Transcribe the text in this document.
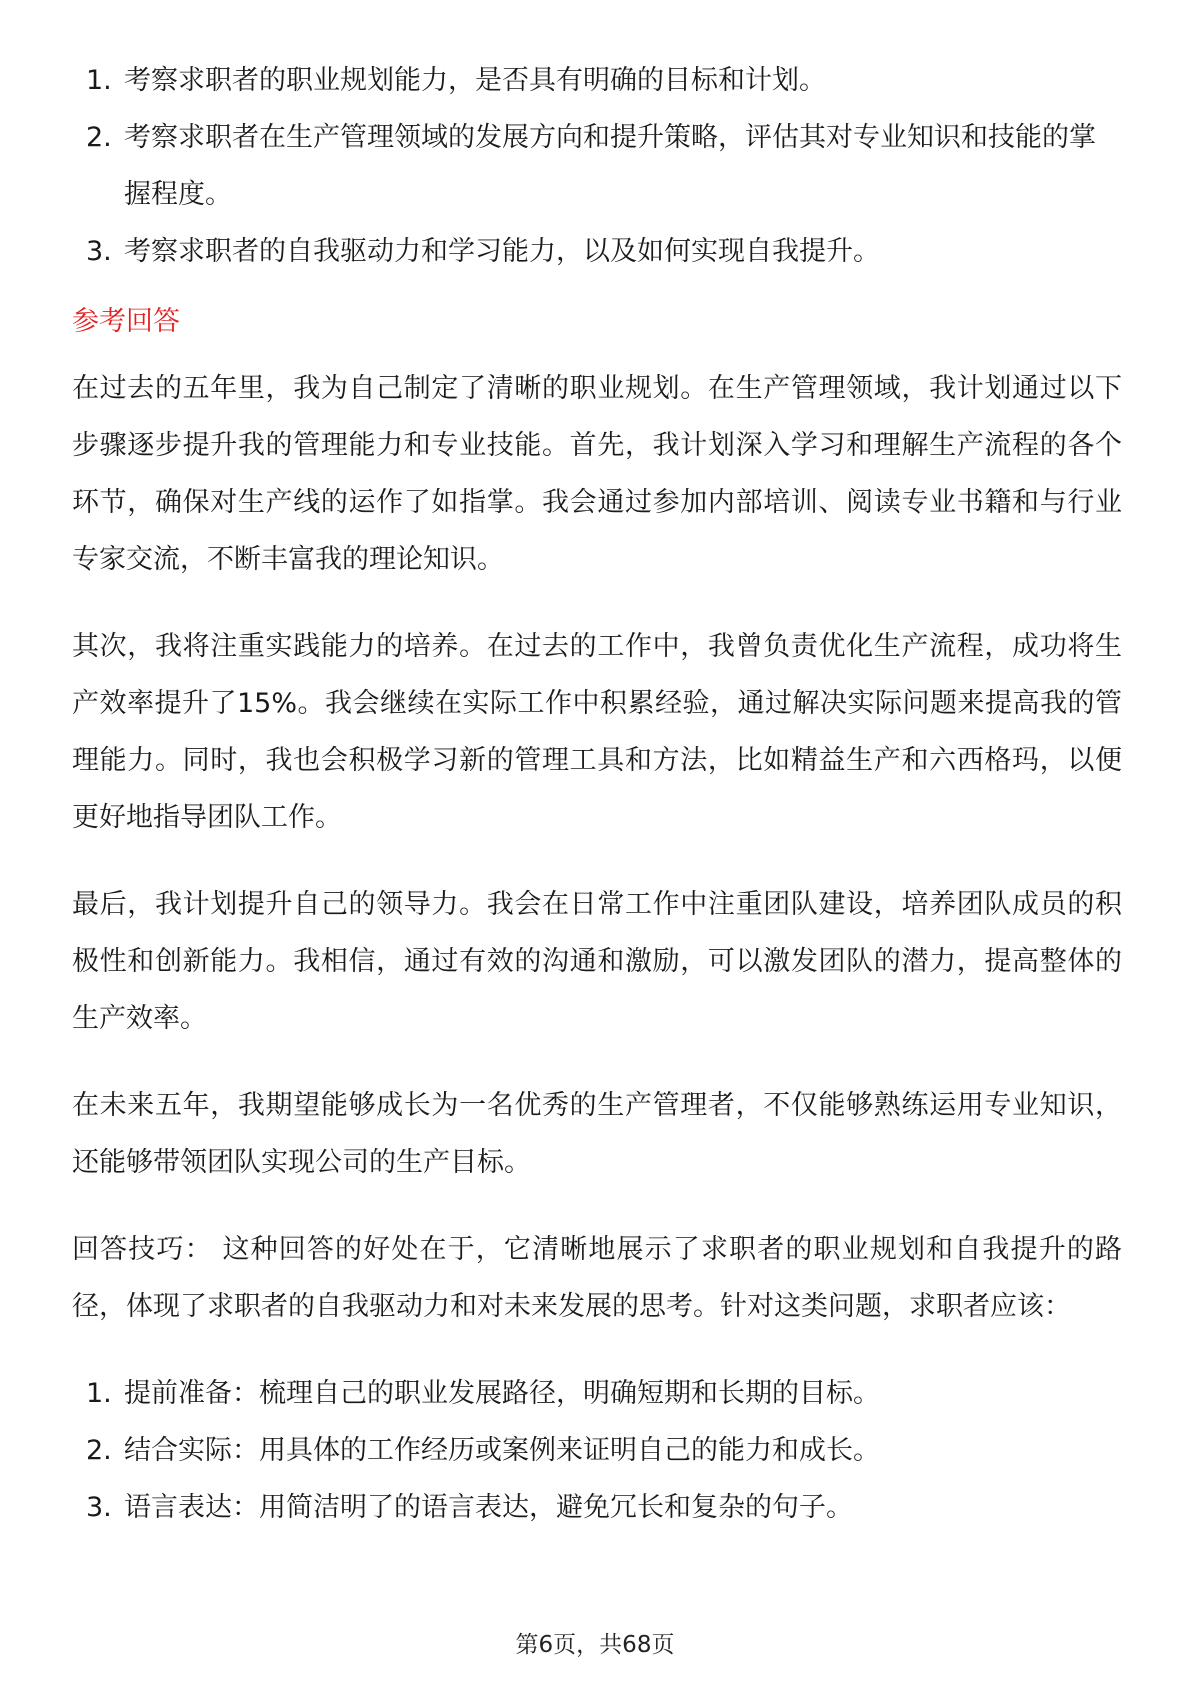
1. 考察求职者的职业规划能力，是否具有明确的目标和计划。
2. 考察求职者在生产管理领域的发展方向和提升策略，评估其对专业知识和技能的掌握程度。
3. 考察求职者的自我驱动力和学习能力，以及如何实现自我提升。
参考回答

在过去的五年里，我为自己制定了清晰的职业规划。在生产管理领域，我计划通过以下步骤逐步提升我的管理能力和专业技能。首先，我计划深入学习和理解生产流程的各个环节，确保对生产线的运作了如指掌。我会通过参加内部培训、阅读专业书籍和与行业专家交流，不断丰富我的理论知识。

其次，我将注重实践能力的培养。在过去的工作中，我曾负责优化生产流程，成功将生产效率提升了15%。我会继续在实际工作中积累经验，通过解决实际问题来提高我的管理能力。同时，我也会积极学习新的管理工具和方法，比如精益生产和六西格玛，以便更好地指导团队工作。

最后，我计划提升自己的领导力。我会在日常工作中注重团队建设，培养团队成员的积极性和创新能力。我相信，通过有效的沟通和激励，可以激发团队的潜力，提高整体的生产效率。

在未来五年，我期望能够成长为一名优秀的生产管理者，不仅能够熟练运用专业知识，还能够带领团队实现公司的生产目标。

回答技巧： 这种回答的好处在于，它清晰地展示了求职者的职业规划和自我提升的路径，体现了求职者的自我驱动力和对未来发展的思考。针对这类问题，求职者应该：

1. 提前准备：梳理自己的职业发展路径，明确短期和长期的目标。
2. 结合实际：用具体的工作经历或案例来证明自己的能力和成长。
3. 语言表达：用简洁明了的语言表达，避免冗长和复杂的句子。
第6页，共68页
